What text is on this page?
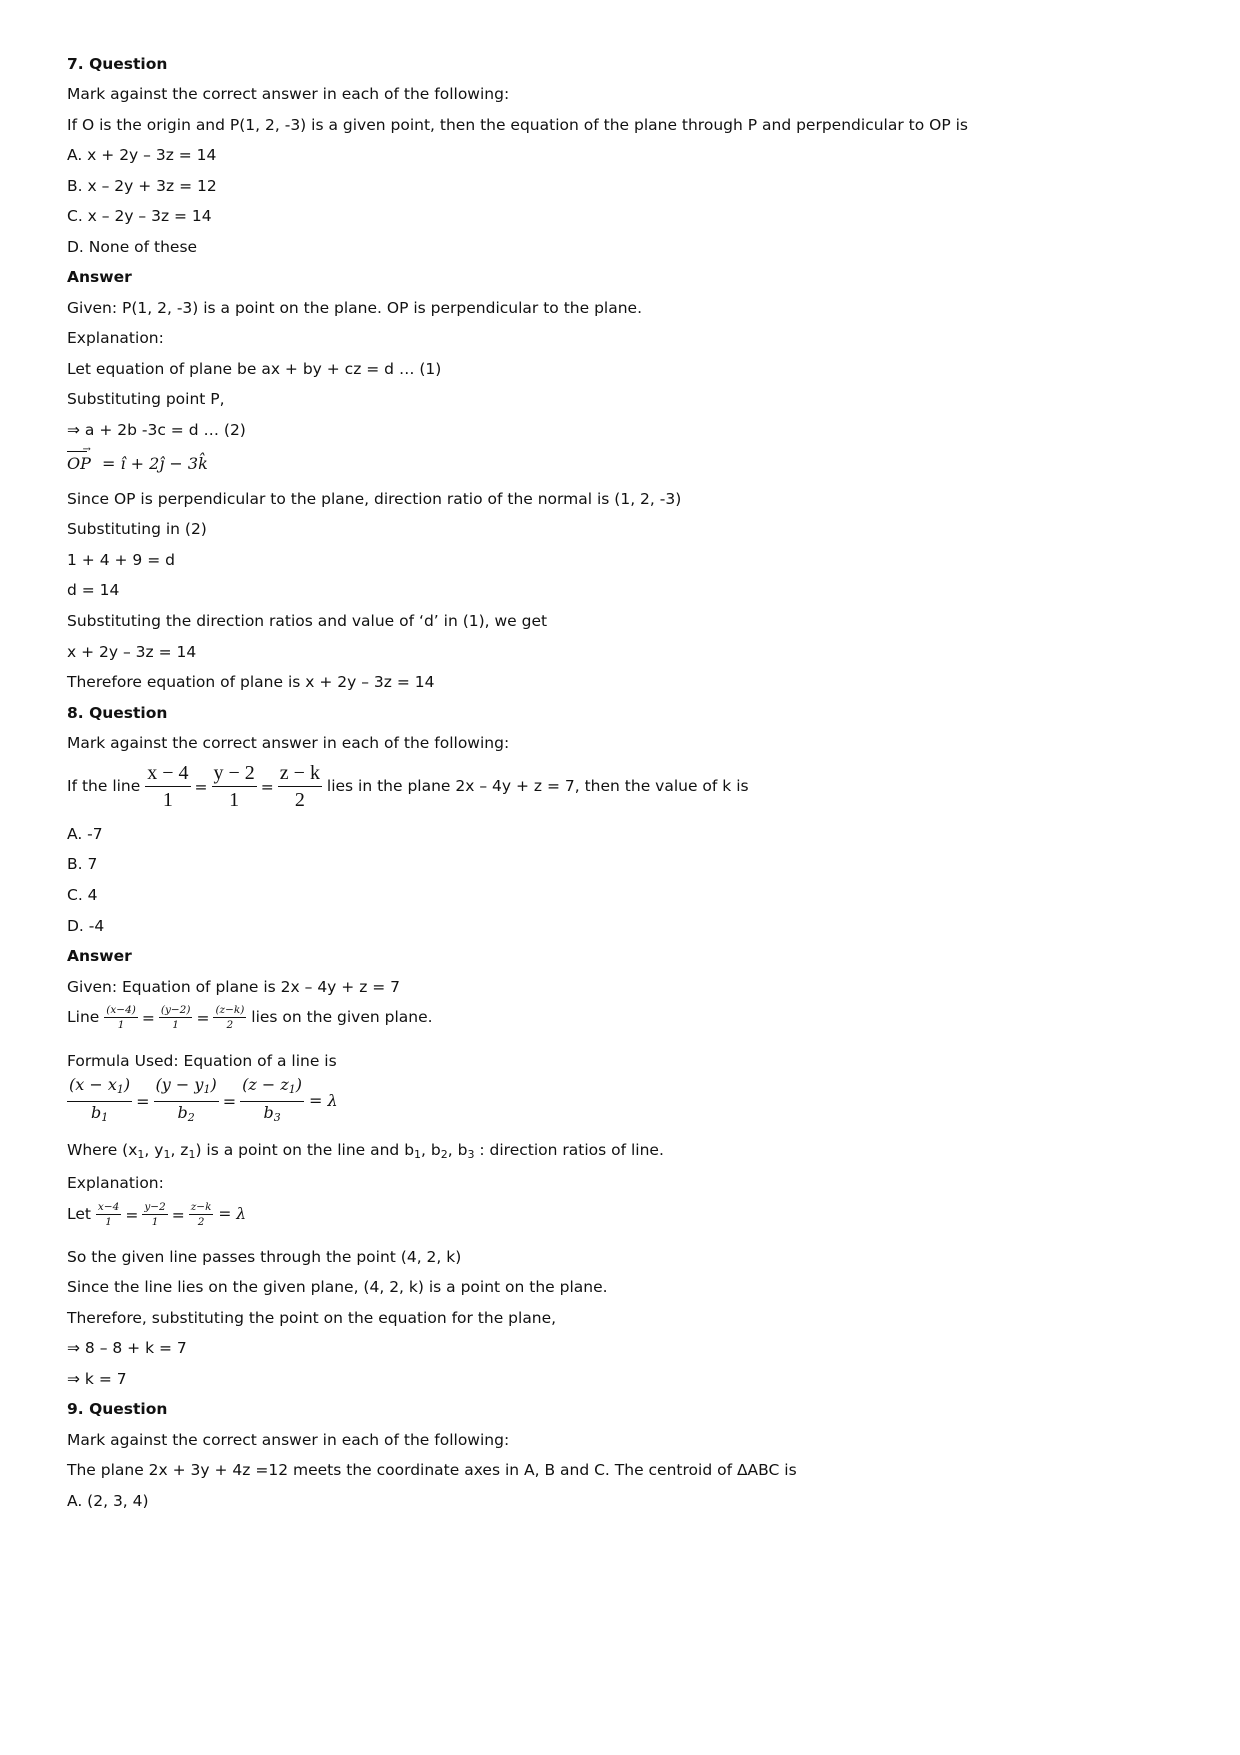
7. Question
Mark against the correct answer in each of the following:
If O is the origin and P(1, 2, -3) is a given point, then the equation of the plane through P and perpendicular to OP is
A. x + 2y – 3z = 14
B. x – 2y + 3z = 12
C. x – 2y – 3z = 14
D. None of these
Answer
Given: P(1, 2, -3) is a point on the plane. OP is perpendicular to the plane.
Explanation:
Let equation of plane be ax + by + cz = d … (1)
Substituting point P,
⇒ a + 2b -3c = d … (2)
→
OP = î + 2ĵ − 3k̂
Since OP is perpendicular to the plane, direction ratio of the normal is (1, 2, -3)
Substituting in (2)
1 + 4 + 9 = d
d = 14
Substituting the direction ratios and value of ‘d’ in (1), we get
x + 2y – 3z = 14
Therefore equation of plane is x + 2y – 3z = 14
8. Question
Mark against the correct answer in each of the following:
If the line $\frac{x - 4}{1} = \frac{y - 2}{1} = \frac{z - k}{2}$ lies in the plane 2x – 4y + z = 7, then the value of k is
A. -7
B. 7
C. 4
D. -4
Answer
Given: Equation of plane is 2x – 4y + z = 7
Line $\frac{(x-4)}{1} = \frac{(y-2)}{1} = \frac{(z-k)}{2}$ lies on the given plane.
Formula Used: Equation of a line is
$\frac{(x - x_1)}{b_1} = \frac{(y - y_1)}{b_2} = \frac{(z - z_1)}{b_3} = \lambda$
Where ($x_1$, $y_1$, $z_1$) is a point on the line and $b_1$, $b_2$, $b_3$ : direction ratios of line.
Explanation:
Let $\frac{x-4}{1} = \frac{y-2}{1} = \frac{z-k}{2} = \lambda$
So the given line passes through the point (4, 2, k)
Since the line lies on the given plane, (4, 2, k) is a point on the plane.
Therefore, substituting the point on the equation for the plane,
⇒ 8 – 8 + k = 7
⇒ k = 7
9. Question
Mark against the correct answer in each of the following:
The plane 2x + 3y + 4z =12 meets the coordinate axes in A, B and C. The centroid of ΔABC is
A. (2, 3, 4)
